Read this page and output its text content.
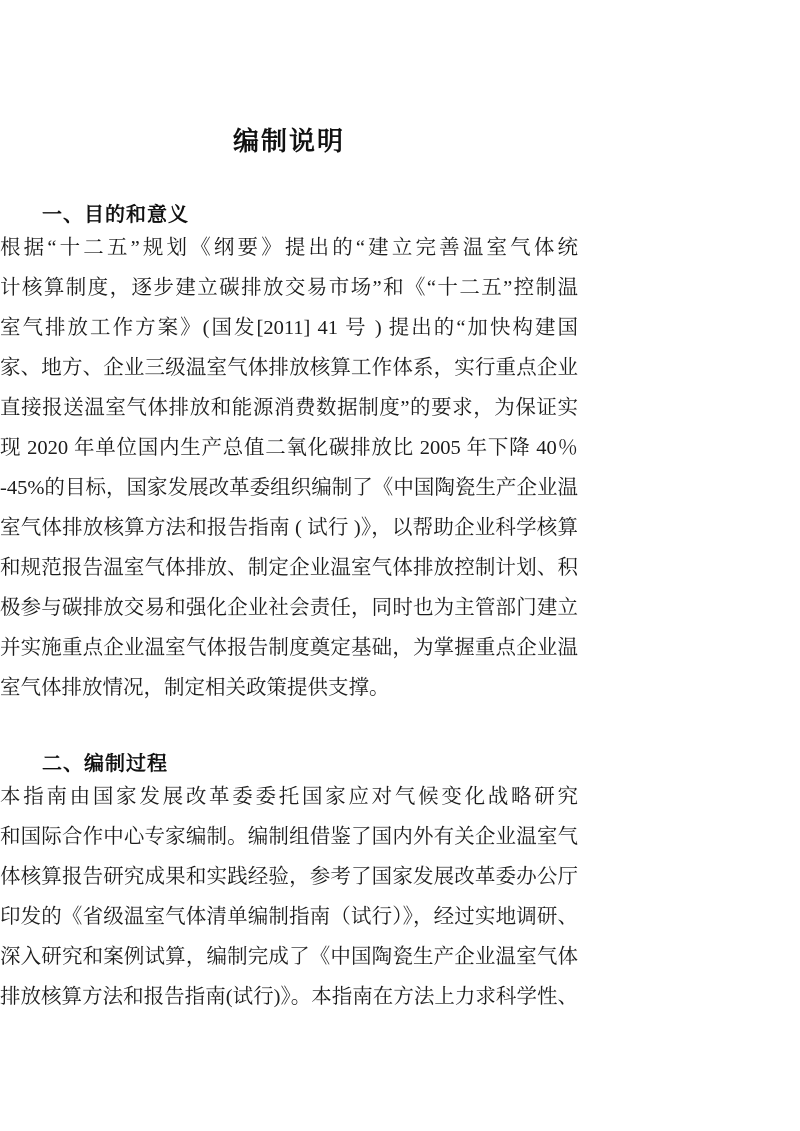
编制说明
一、目的和意义
根据“十二五”规划《纲要》提出的“建立完善温室气体统
计核算制度，逐步建立碳排放交易市场”和《“十二五”控制温
室气排放工作方案》(国发[2011] 41 号 ) 提出的“加快构建国
家、地方、企业三级温室气体排放核算工作体系，实行重点企业
直接报送温室气体排放和能源消费数据制度”的要求，为保证实
现 2020 年单位国内生产总值二氧化碳排放比 2005 年下降 40％
-45%的目标，国家发展改革委组织编制了《中国陶瓷生产企业温
室气体排放核算方法和报告指南 ( 试行 )》，以帮助企业科学核算
和规范报告温室气体排放、制定企业温室气体排放控制计划、积
极参与碳排放交易和强化企业社会责任，同时也为主管部门建立
并实施重点企业温室气体报告制度奠定基础，为掌握重点企业温
室气体排放情况，制定相关政策提供支撑。
二、编制过程
本指南由国家发展改革委委托国家应对气候变化战略研究
和国际合作中心专家编制。编制组借鉴了国内外有关企业温室气
体核算报告研究成果和实践经验，参考了国家发展改革委办公厅
印发的《省级温室气体清单编制指南（试行）》，经过实地调研、
深入研究和案例试算，编制完成了《中国陶瓷生产企业温室气体
排放核算方法和报告指南(试行)》。本指南在方法上力求科学性、
